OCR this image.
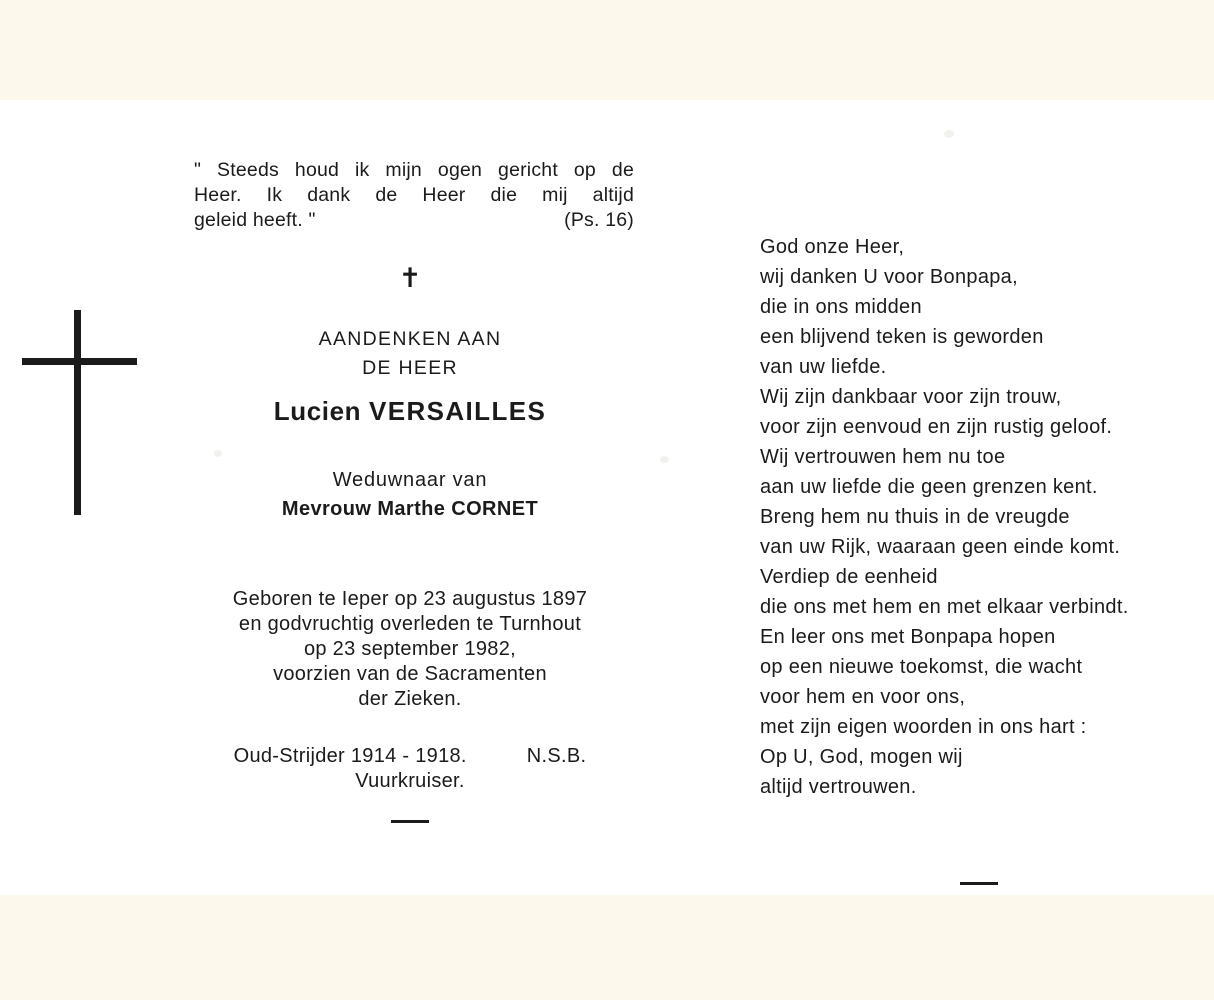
" Steeds houd ik mijn ogen gericht op de
Heer. Ik dank de Heer die mij altijd
geleid heeft. "	(Ps. 16)
✝
AANDENKEN AAN
DE HEER
Lucien VERSAILLES
Weduwnaar van
Mevrouw Marthe CORNET
Geboren te Ieper op 23 augustus 1897
en godvruchtig overleden te Turnhout
op 23 september 1982,
voorzien van de Sacramenten
der Zieken.
Oud-Strijder 1914 - 1918.	N.S.B.
Vuurkruiser.
God onze Heer,
wij danken U voor Bonpapa,
die in ons midden
een blijvend teken is geworden
van uw liefde.
Wij zijn dankbaar voor zijn trouw,
voor zijn eenvoud en zijn rustig geloof.
Wij vertrouwen hem nu toe
aan uw liefde die geen grenzen kent.
Breng hem nu thuis in de vreugde
van uw Rijk, waaraan geen einde komt.
Verdiep de eenheid
die ons met hem en met elkaar verbindt.
En leer ons met Bonpapa hopen
op een nieuwe toekomst, die wacht
voor hem en voor ons,
met zijn eigen woorden in ons hart :
Op U, God, mogen wij
altijd vertrouwen.
